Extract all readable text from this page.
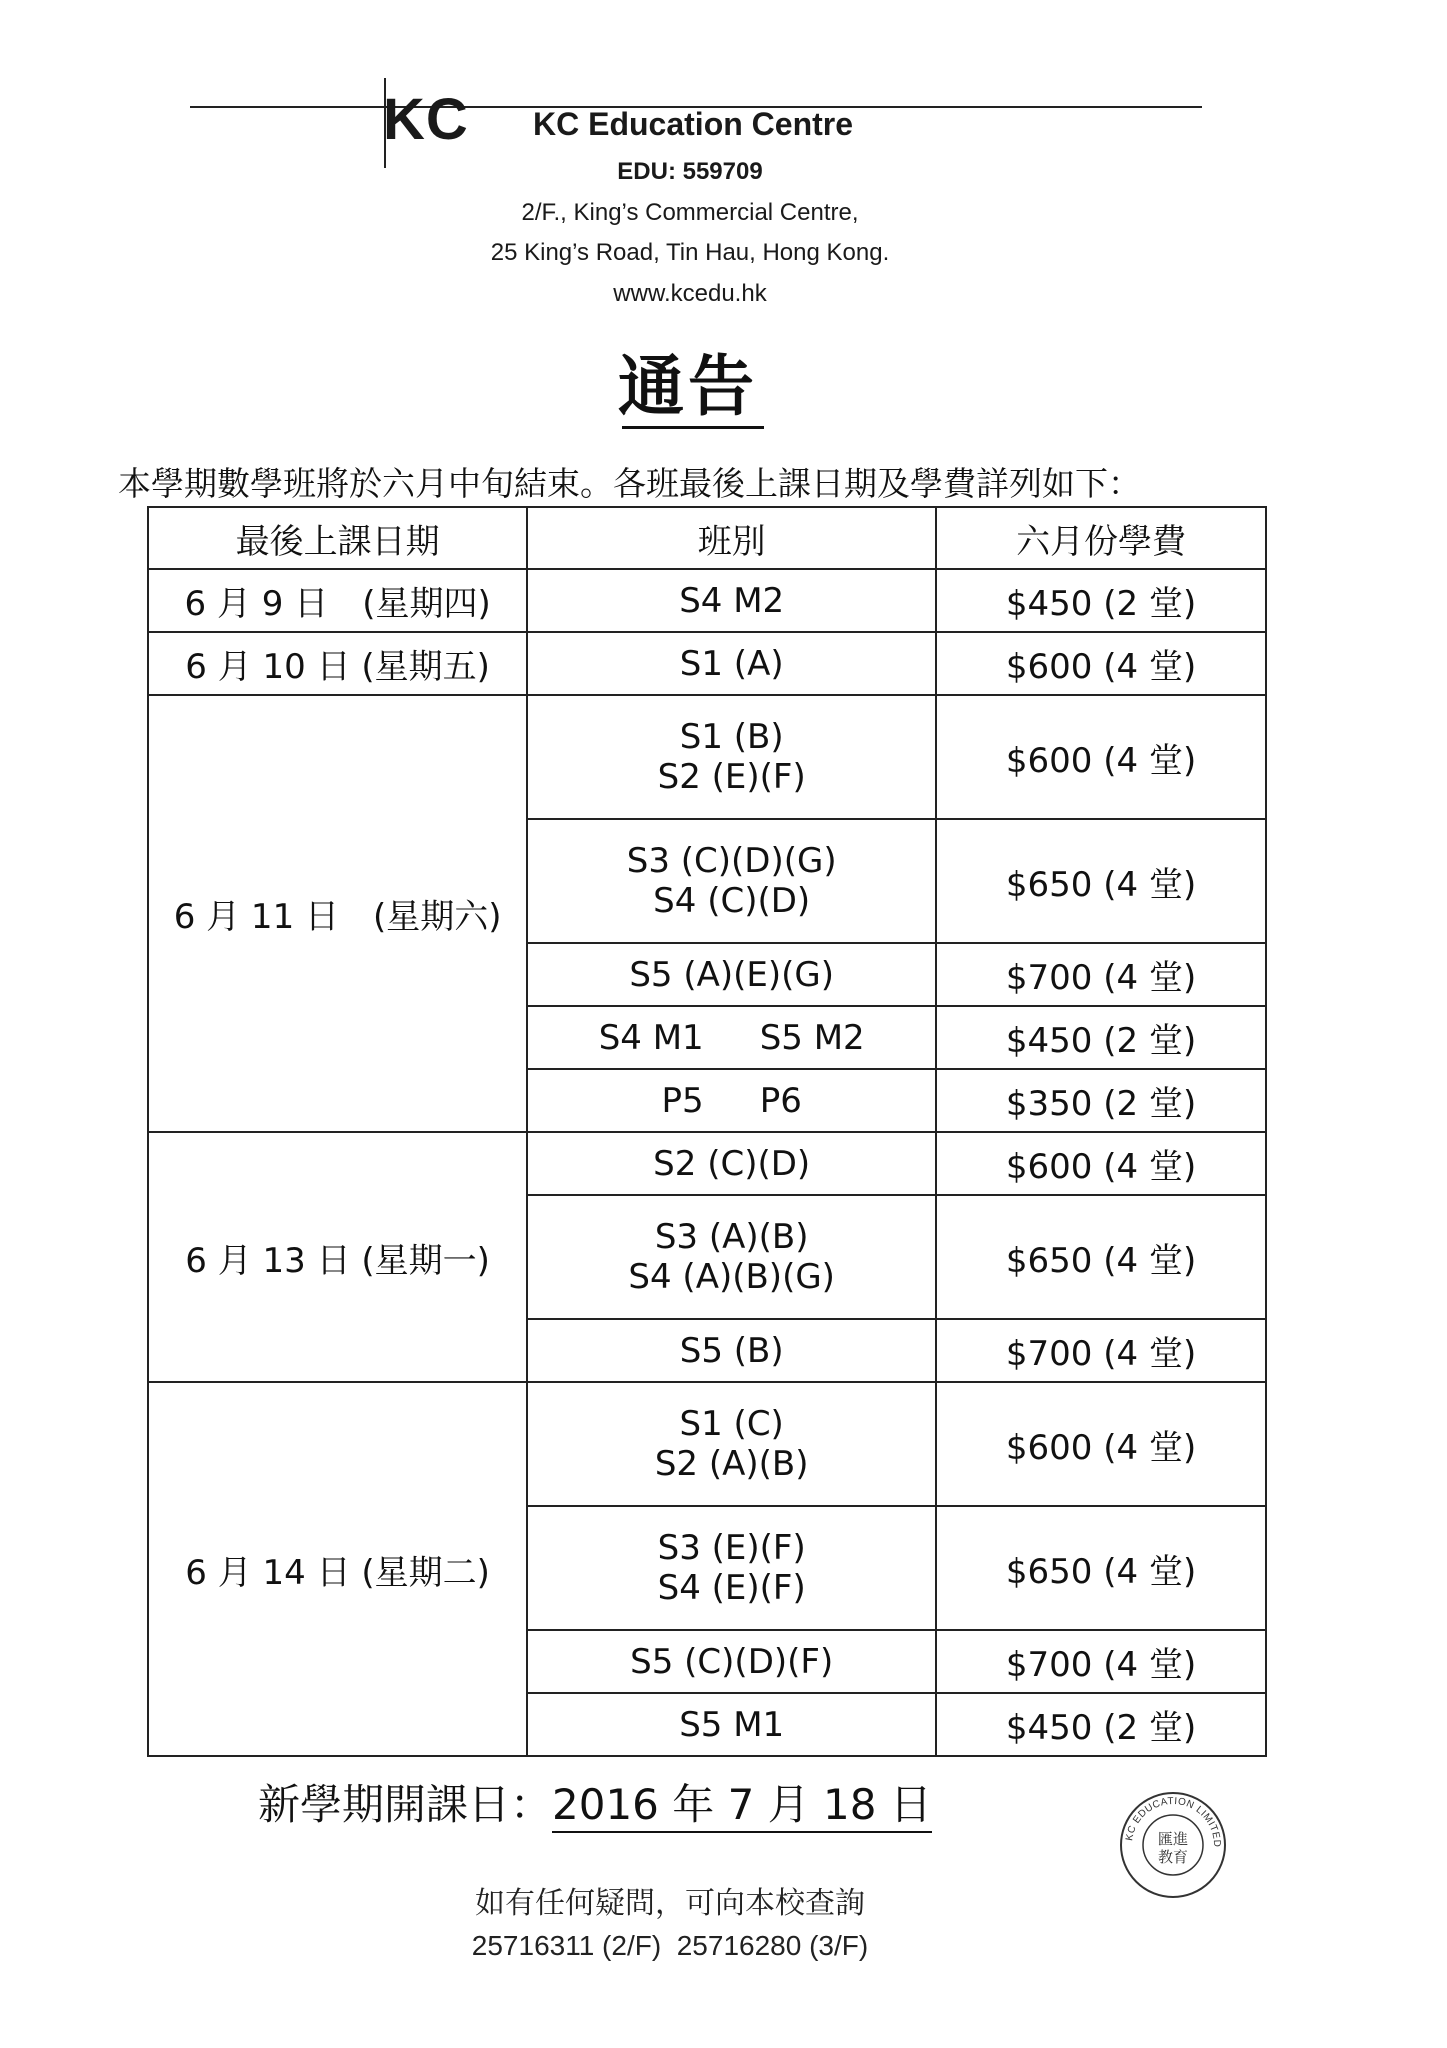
KC KC Education Centre
EDU: 559709
2/F., King’s Commercial Centre,
25 King’s Road, Tin Hau, Hong Kong.
www.kcedu.hk
通告
本學期數學班將於六月中旬結束。各班最後上課日期及學費詳列如下：
最後上課日期	班別	六月份學費
6 月 9 日　(星期四)	S4 M2	$450 (2 堂)
6 月 10 日 (星期五)	S1 (A)	$600 (4 堂)
6 月 11 日　(星期六)	S1 (B)
S2 (E)(F)	$600 (4 堂)

	S3 (C)(D)(G)
S4 (C)(D)	$650 (4 堂)
	S5 (A)(E)(G)	$700 (4 堂)
	S4 M1 S5 M2	$450 (2 堂)
	P5 P6	$350 (2 堂)
6 月 13 日 (星期一)	S2 (C)(D)	$600 (4 堂)

	S3 (A)(B)
S4 (A)(B)(G)	$650 (4 堂)
	S5 (B)	$700 (4 堂)
6 月 14 日 (星期二)	S1 (C)
S2 (A)(B)	$600 (4 堂)

	S3 (E)(F)
S4 (E)(F)	$650 (4 堂)
	S5 (C)(D)(F)	$700 (4 堂)
	S5 M1	$450 (2 堂)
新學期開課日：2016 年 7 月 18 日
如有任何疑問，可向本校查詢
25716311 (2/F) 25716280 (3/F)
KC EDUCATION LIMITED
匯進
教育
